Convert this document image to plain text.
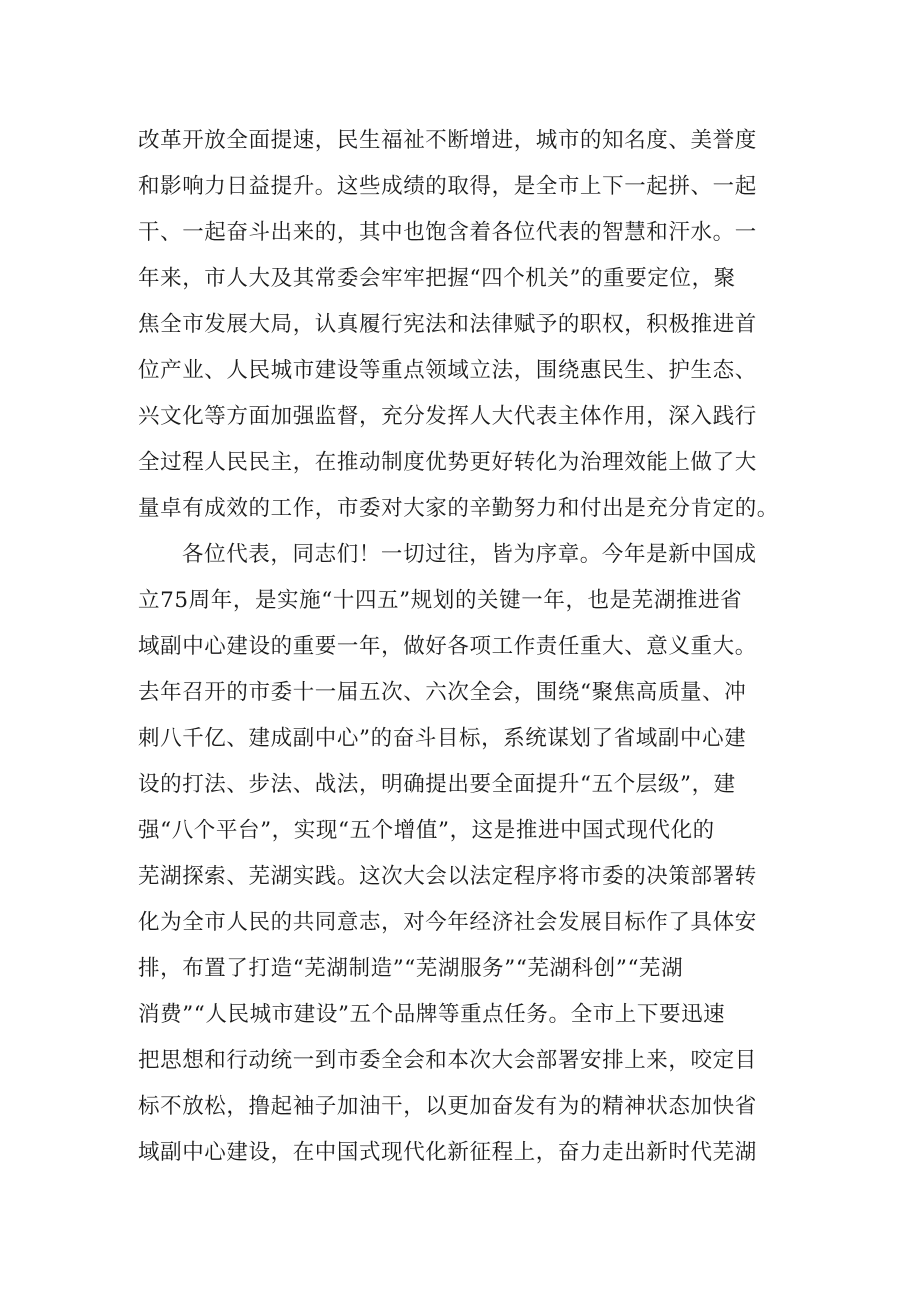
改革开放全面提速，民生福祉不断增进，城市的知名度、美誉度
和影响力日益提升。这些成绩的取得，是全市上下一起拼、一起
干、一起奋斗出来的，其中也饱含着各位代表的智慧和汗水。一
年来，市人大及其常委会牢牢把握“四个机关”的重要定位，聚
焦全市发展大局，认真履行宪法和法律赋予的职权，积极推进首
位产业、人民城市建设等重点领域立法，围绕惠民生、护生态、
兴文化等方面加强监督，充分发挥人大代表主体作用，深入践行
全过程人民民主，在推动制度优势更好转化为治理效能上做了大
量卓有成效的工作，市委对大家的辛勤努力和付出是充分肯定的。
各位代表，同志们！一切过往，皆为序章。今年是新中国成
立75周年，是实施“十四五”规划的关键一年，也是芜湖推进省
域副中心建设的重要一年，做好各项工作责任重大、意义重大。
去年召开的市委十一届五次、六次全会，围绕“聚焦高质量、冲
刺八千亿、建成副中心”的奋斗目标，系统谋划了省域副中心建
设的打法、步法、战法，明确提出要全面提升“五个层级”，建
强“八个平台”，实现“五个增值”，这是推进中国式现代化的
芜湖探索、芜湖实践。这次大会以法定程序将市委的决策部署转
化为全市人民的共同意志，对今年经济社会发展目标作了具体安
排，布置了打造“芜湖制造”“芜湖服务”“芜湖科创”“芜湖
消费”“人民城市建设”五个品牌等重点任务。全市上下要迅速
把思想和行动统一到市委全会和本次大会部署安排上来，咬定目
标不放松，撸起袖子加油干，以更加奋发有为的精神状态加快省
域副中心建设，在中国式现代化新征程上，奋力走出新时代芜湖
